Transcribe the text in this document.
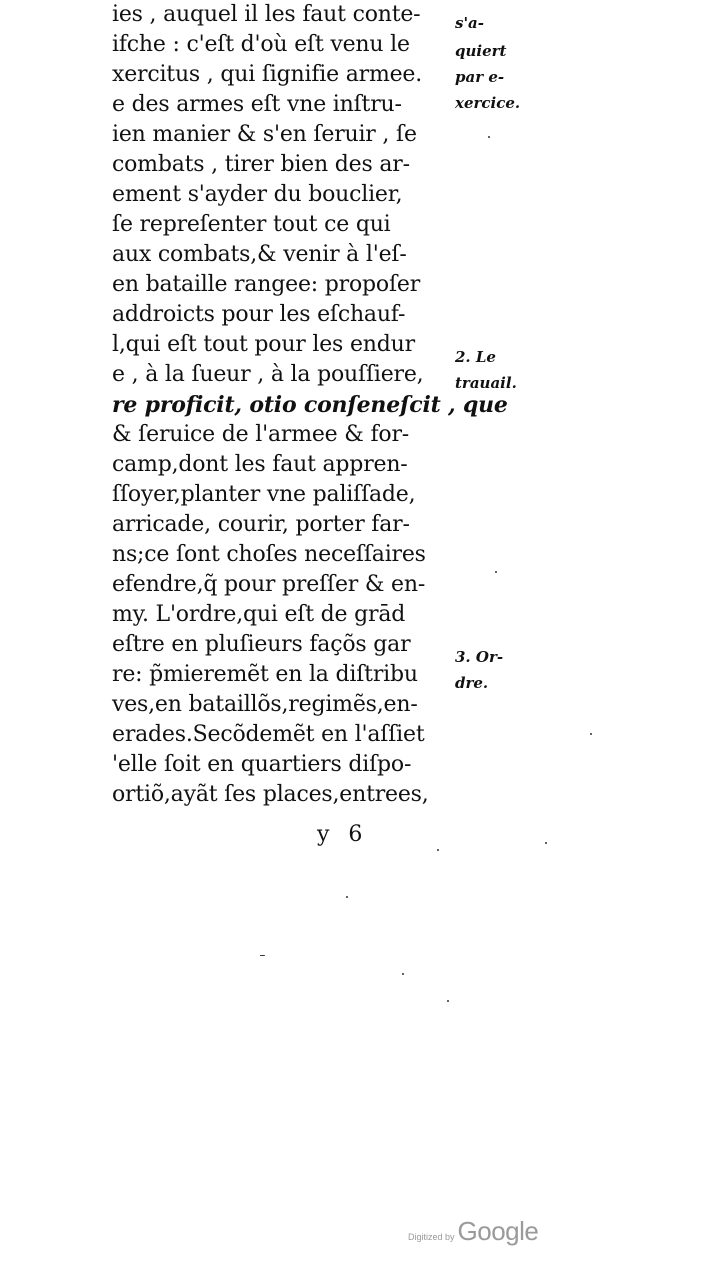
ies , auquel il les faut conte-
ifche : c'eſt d'où eſt venu le
xercitus , qui ſignifie armee.
e des armes eſt vne inſtru-
ien manier & s'en ſeruir , ſe
combats , tirer bien des ar-
ement s'ayder du bouclier,
ſe repreſenter tout ce qui
aux combats,& venir à l'eſ-
en bataille rangee: propoſer
addroicts pour les eſchauf-
l,qui eſt tout pour les endur
e , à la ſueur , à la pouſſiere,
re proficit, otio conſeneſcit , que
& ſeruice de l'armee & for-
camp,dont les faut appren-
ſſoyer,planter vne paliſſade,
arricade, courir, porter far-
ns;ce ſont choſes neceſſaires
efendre,q̃ pour preſſer & en-
my. L'ordre,qui eſt de grād
eſtre en pluſieurs façõs gar
re: p̃mieremẽt en la diſtribu
ves,en bataillõs,regimẽs,en-
erades.Secõdemẽt en l'aſſiet
'elle ſoit en quartiers diſpo-
ortiõ,ayãt ſes places,entrees,
s'a-
quiert
par e-
xercice.
2. Le
trauail.
3. Or-
dre.
y 6
Digitized by Google
